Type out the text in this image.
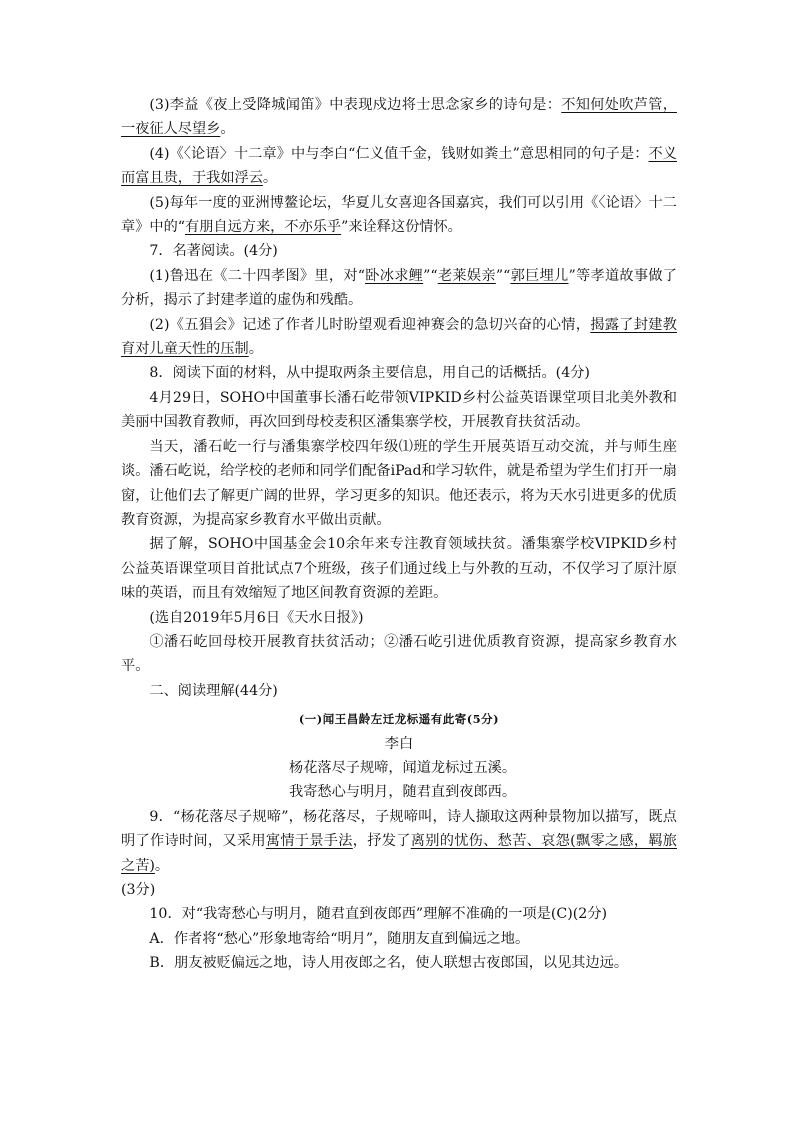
(3)李益《夜上受降城闻笛》中表现戍边将士思念家乡的诗句是：不知何处吹芦管，一夜征人尽望乡。

(4)《〈论语〉十二章》中与李白“仁义值千金，钱财如粪土”意思相同的句子是：不义而富且贵，于我如浮云。

(5)每年一度的亚洲博鳌论坛，华夏儿女喜迎各国嘉宾，我们可以引用《〈论语〉十二章》中的“有朋自远方来，不亦乐乎”来诠释这份情怀。

7．名著阅读。(4分)

(1)鲁迅在《二十四孝图》里，对“卧冰求鲤”“老莱娱亲”“郭巨埋儿”等孝道故事做了分析，揭示了封建孝道的虚伪和残酷。

(2)《五猖会》记述了作者儿时盼望观看迎神赛会的急切兴奋的心情，揭露了封建教育对儿童天性的压制。

8．阅读下面的材料，从中提取两条主要信息，用自己的话概括。(4分)

4月29日，SOHO中国董事长潘石屹带领VIPKID乡村公益英语课堂项目北美外教和美丽中国教育教师，再次回到母校麦积区潘集寨学校，开展教育扶贫活动。

当天，潘石屹一行与潘集寨学校四年级⑴班的学生开展英语互动交流，并与师生座谈。潘石屹说，给学校的老师和同学们配备iPad和学习软件，就是希望为学生们打开一扇窗，让他们去了解更广阔的世界，学习更多的知识。他还表示，将为天水引进更多的优质教育资源，为提高家乡教育水平做出贡献。

据了解，SOHO中国基金会10余年来专注教育领域扶贫。潘集寨学校VIPKID乡村公益英语课堂项目首批试点7个班级，孩子们通过线上与外教的互动，不仅学习了原汁原味的英语，而且有效缩短了地区间教育资源的差距。

(选自2019年5月6日《天水日报》)

①潘石屹回母校开展教育扶贫活动；②潘石屹引进优质教育资源，提高家乡教育水平。

二、阅读理解(44分)

(一)闻王昌龄左迁龙标遥有此寄(5分)

李白

杨花落尽子规啼，闻道龙标过五溪。

我寄愁心与明月，随君直到夜郎西。

9．“杨花落尽子规啼”，杨花落尽，子规啼叫，诗人撷取这两种景物加以描写，既点明了作诗时间，又采用寓情于景手法，抒发了离别的忧伤、愁苦、哀怨(飘零之感，羁旅之苦)。

(3分)

10．对“我寄愁心与明月，随君直到夜郎西”理解不准确的一项是(C)(2分)

A．作者将“愁心”形象地寄给“明月”，随朋友直到偏远之地。

B．朋友被贬偏远之地，诗人用夜郎之名，使人联想古夜郎国，以见其边远。
